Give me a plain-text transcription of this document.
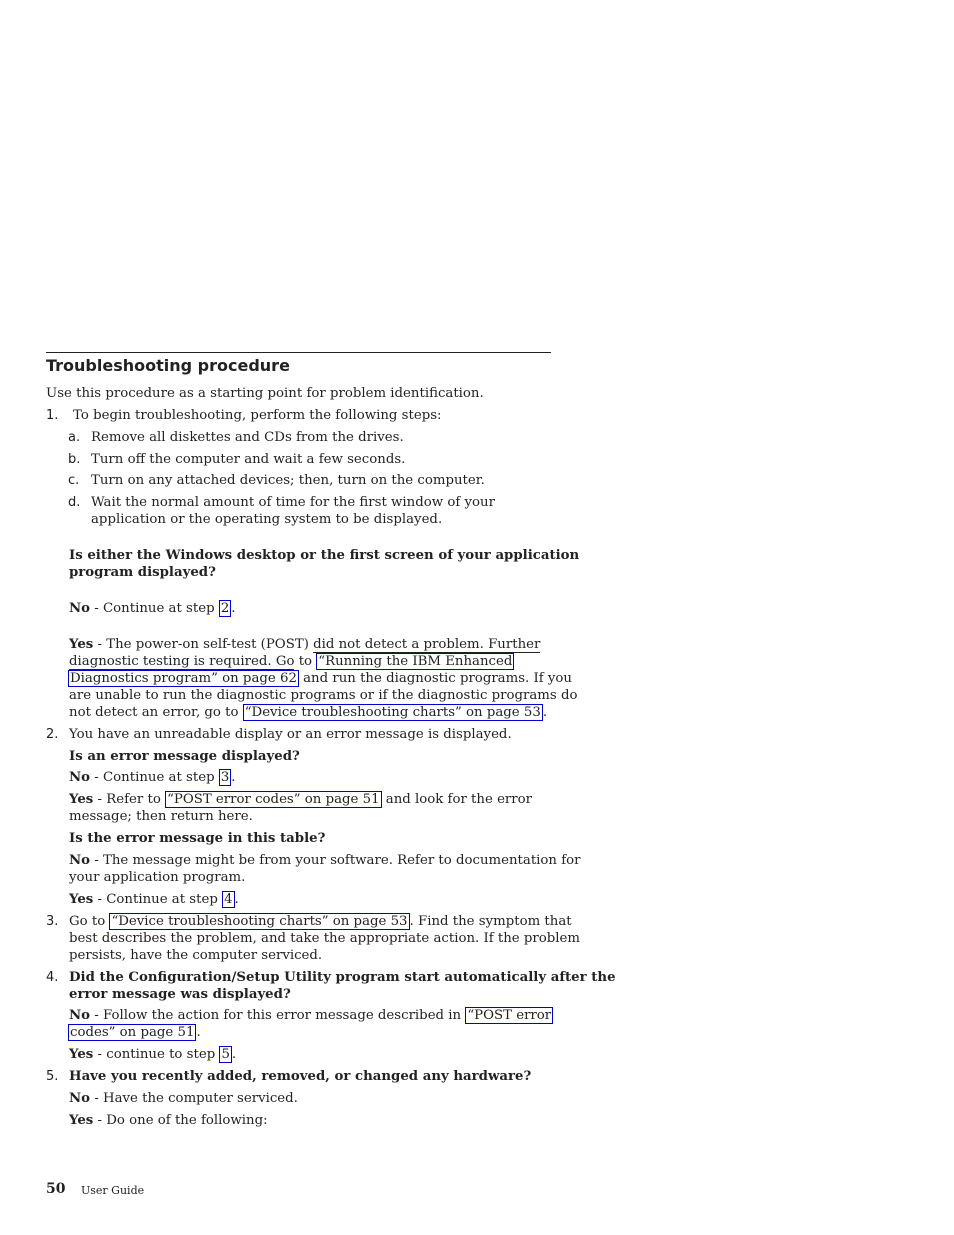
Troubleshooting procedure
Use this procedure as a starting point for problem identification.
1. To begin troubleshooting, perform the following steps:
a. Remove all diskettes and CDs from the drives.
b. Turn off the computer and wait a few seconds.
c. Turn on any attached devices; then, turn on the computer.
d. Wait the normal amount of time for the first window of your
application or the operating system to be displayed.
Is either the Windows desktop or the first screen of your application
program displayed?
No - Continue at step 2 .
Yes - The power-on self-test (POST) did not detect a problem. Further
diagnostic testing is required. Go to “Running the IBM Enhanced
Diagnostics program” on page 62 and run the diagnostic programs. If you
are unable to run the diagnostic programs or if the diagnostic programs do
not detect an error, go to “Device troubleshooting charts” on page 53 .
2. You have an unreadable display or an error message is displayed.
Is an error message displayed?
No - Continue at step 3 .
Yes - Refer to “POST error codes” on page 51 and look for the error
message; then return here.
Is the error message in this table?
No - The message might be from your software. Refer to documentation for
your application program.
Yes - Continue at step 4 .
3. Go to “Device troubleshooting charts” on page 53 . Find the symptom that
best describes the problem, and take the appropriate action. If the problem
persists, have the computer serviced.
4. Did the Configuration/Setup Utility program start automatically after the
error message was displayed?
No - Follow the action for this error message described in “POST error
codes” on page 51 .
Yes - continue to step 5 .
5. Have you recently added, removed, or changed any hardware?
No - Have the computer serviced.
Yes - Do one of the following:
50 User Guide
